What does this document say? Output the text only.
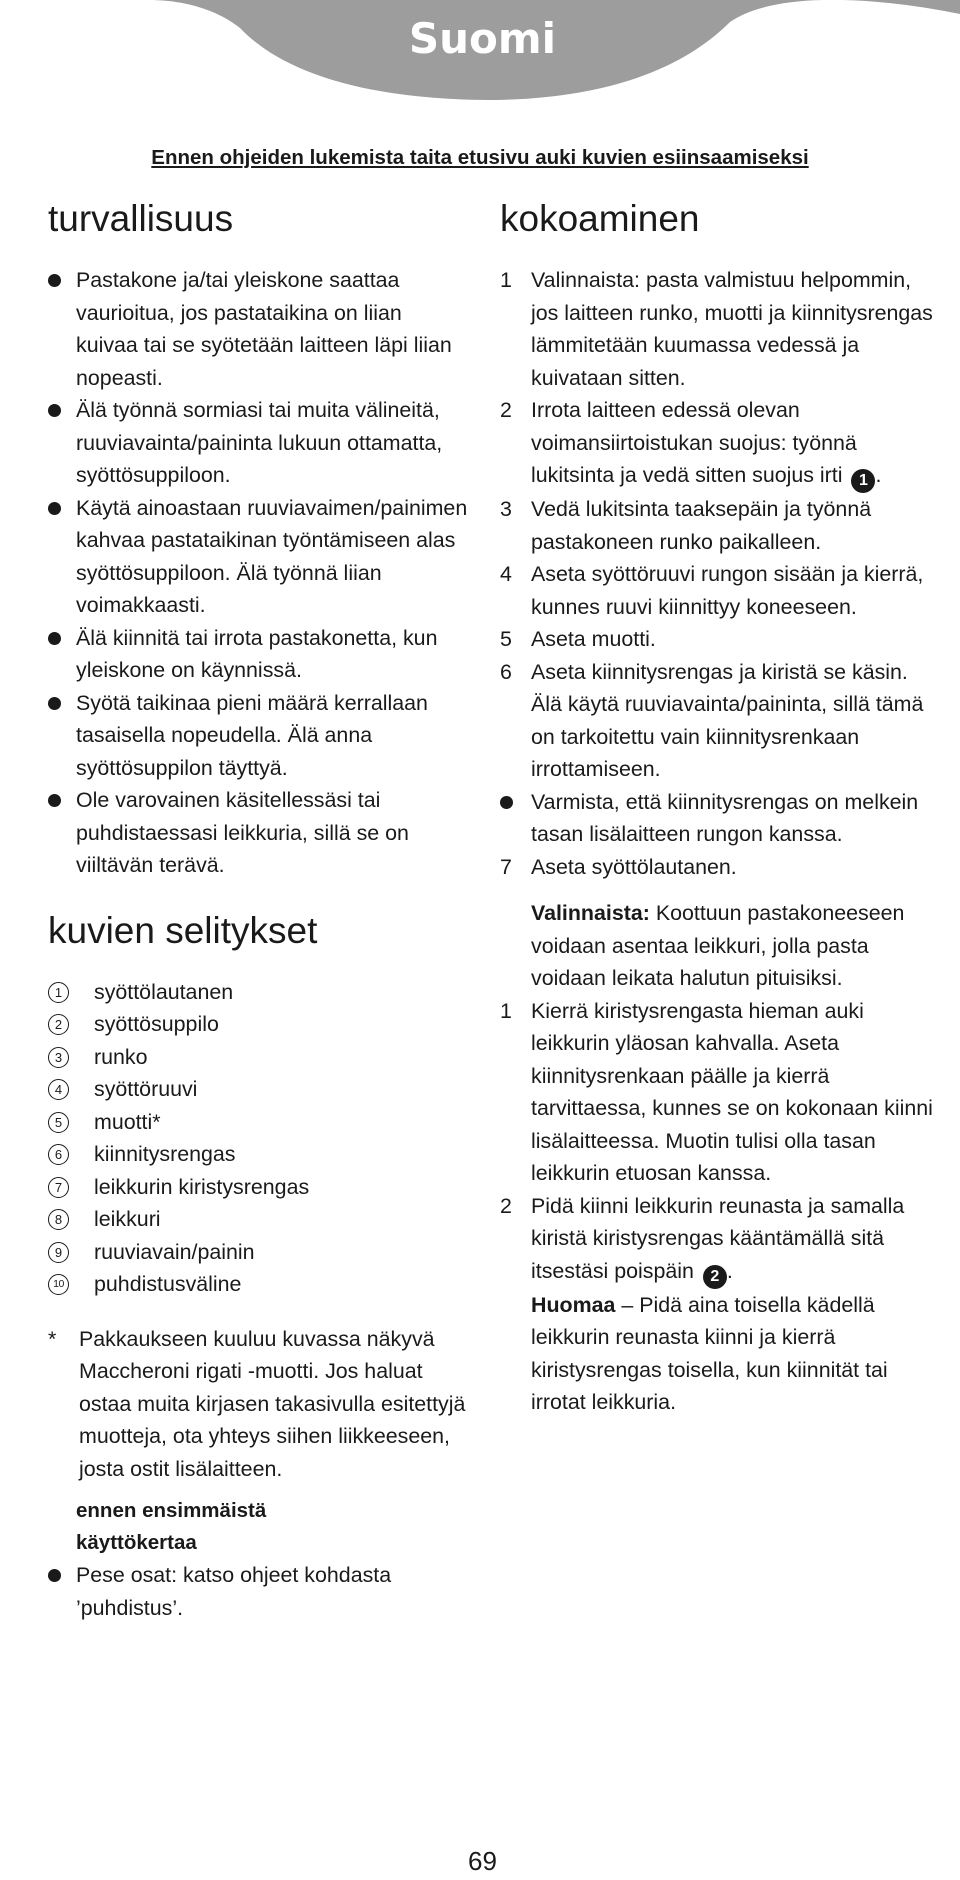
Suomi
Ennen ohjeiden lukemista taita etusivu auki kuvien esiinsaamiseksi
turvallisuus
Pastakone ja/tai yleiskone saattaa vaurioitua, jos pastataikina on liian kuivaa tai se syötetään laitteen läpi liian nopeasti.
Älä työnnä sormiasi tai muita välineitä, ruuviavainta/paininta lukuun ottamatta, syöttösuppiloon.
Käytä ainoastaan ruuviavaimen/painimen kahvaa pastataikinan työntämiseen alas syöttösuppiloon. Älä työnnä liian voimakkaasti.
Älä kiinnitä tai irrota pastakonetta, kun yleiskone on käynnissä.
Syötä taikinaa pieni määrä kerrallaan tasaisella nopeudella. Älä anna syöttösuppilon täyttyä.
Ole varovainen käsitellessäsi tai puhdistaessasi leikkuria, sillä se on viiltävän terävä.
kuvien selitykset
1	syöttölautanen
2	syöttösuppilo
3	runko
4	syöttöruuvi
5	muotti*
6	kiinnitysrengas
7	leikkurin kiristysrengas
8	leikkuri
9	ruuviavain/painin
10 puhdistusväline
* Pakkaukseen kuuluu kuvassa näkyvä Maccheroni rigati -muotti. Jos haluat ostaa muita kirjasen takasivulla esitettyjä muotteja, ota yhteys siihen liikkeeseen, josta ostit lisälaitteen.
ennen ensimmäistä
käyttökertaa
Pese osat: katso ohjeet kohdasta ’puhdistus’.
kokoaminen
1 Valinnaista: pasta valmistuu helpommin, jos laitteen runko, muotti ja kiinnitysrengas lämmitetään kuumassa vedessä ja kuivataan sitten.
2 Irrota laitteen edessä olevan voimansiirtoistukan suojus: työnnä lukitsinta ja vedä sitten suojus irti 1 .
3 Vedä lukitsinta taaksepäin ja työnnä pastakoneen runko paikalleen.
4 Aseta syöttöruuvi rungon sisään ja kierrä, kunnes ruuvi kiinnittyy koneeseen.
5 Aseta muotti.
6 Aseta kiinnitysrengas ja kiristä se käsin. Älä käytä ruuviavainta/paininta, sillä tämä on tarkoitettu vain kiinnitysrenkaan irrottamiseen.
Varmista, että kiinnitysrengas on melkein tasan lisälaitteen rungon kanssa.
7 Aseta syöttölautanen.
Valinnaista: Koottuun pastakoneeseen voidaan asentaa leikkuri, jolla pasta voidaan leikata halutun pituisiksi.
1 Kierrä kiristysrengasta hieman auki leikkurin yläosan kahvalla. Aseta kiinnitysrenkaan päälle ja kierrä tarvittaessa, kunnes se on kokonaan kiinni lisälaitteessa. Muotin tulisi olla tasan leikkurin etuosan kanssa.
2 Pidä kiinni leikkurin reunasta ja samalla kiristä kiristysrengas kääntämällä sitä itsestäsi poispäin 2 .
Huomaa – Pidä aina toisella kädellä leikkurin reunasta kiinni ja kierrä kiristysrengas toisella, kun kiinnität tai irrotat leikkuria.
69
